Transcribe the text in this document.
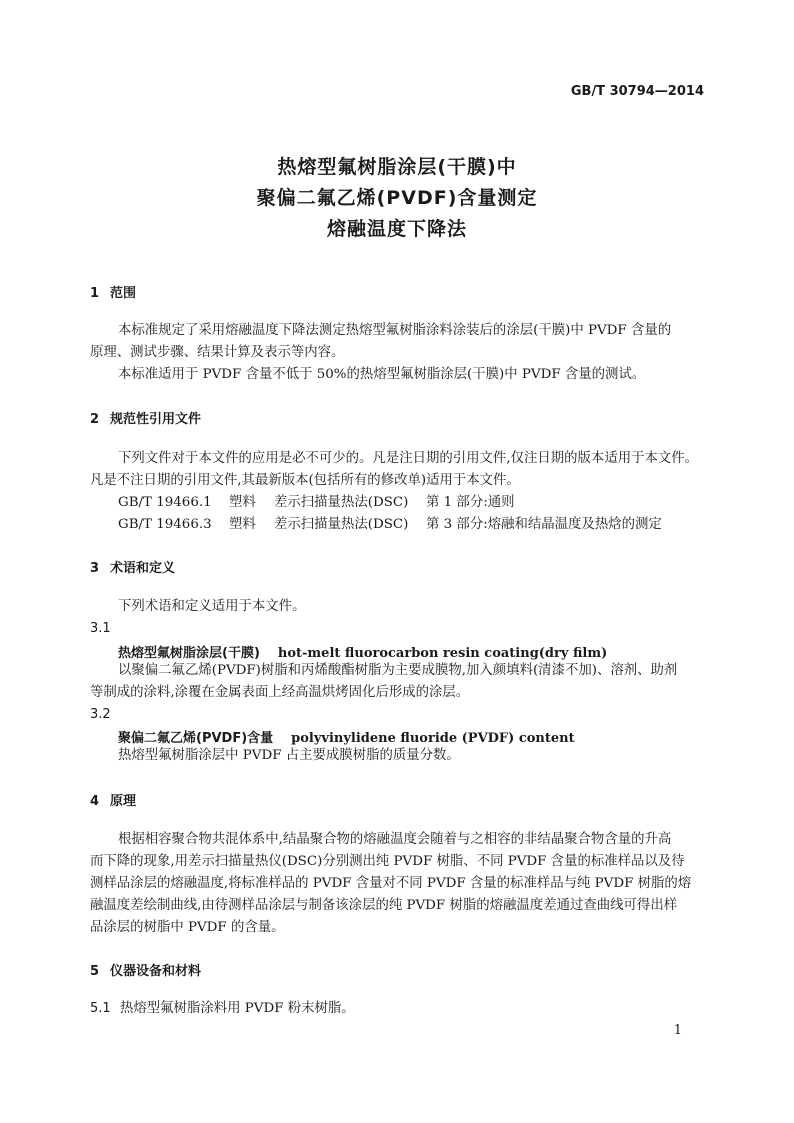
GB/T 30794—2014
热熔型氟树脂涂层(干膜)中
聚偏二氟乙烯(PVDF)含量测定
熔融温度下降法
1 范围
本标准规定了采用熔融温度下降法测定热熔型氟树脂涂料涂装后的涂层(干膜)中 PVDF 含量的
原理、测试步骤、结果计算及表示等内容。
本标准适用于 PVDF 含量不低于 50%的热熔型氟树脂涂层(干膜)中 PVDF 含量的测试。
2 规范性引用文件
下列文件对于本文件的应用是必不可少的。凡是注日期的引用文件,仅注日期的版本适用于本文件。
凡是不注日期的引用文件,其最新版本(包括所有的修改单)适用于本文件。
GB/T 19466.1 塑料 差示扫描量热法(DSC) 第 1 部分:通则
GB/T 19466.3 塑料 差示扫描量热法(DSC) 第 3 部分:熔融和结晶温度及热焓的测定
3 术语和定义
下列术语和定义适用于本文件。
3.1
热熔型氟树脂涂层(干膜) hot-melt fluorocarbon resin coating(dry film)
以聚偏二氟乙烯(PVDF)树脂和丙烯酸酯树脂为主要成膜物,加入颜填料(清漆不加)、溶剂、助剂
等制成的涂料,涂覆在金属表面上经高温烘烤固化后形成的涂层。
3.2
聚偏二氟乙烯(PVDF)含量 polyvinylidene fluoride (PVDF) content
热熔型氟树脂涂层中 PVDF 占主要成膜树脂的质量分数。
4 原理
根据相容聚合物共混体系中,结晶聚合物的熔融温度会随着与之相容的非结晶聚合物含量的升高
而下降的现象,用差示扫描量热仪(DSC)分别测出纯 PVDF 树脂、不同 PVDF 含量的标准样品以及待
测样品涂层的熔融温度,将标准样品的 PVDF 含量对不同 PVDF 含量的标准样品与纯 PVDF 树脂的熔
融温度差绘制曲线,由待测样品涂层与制备该涂层的纯 PVDF 树脂的熔融温度差通过查曲线可得出样
品涂层的树脂中 PVDF 的含量。
5 仪器设备和材料
5.1 热熔型氟树脂涂料用 PVDF 粉末树脂。
1
